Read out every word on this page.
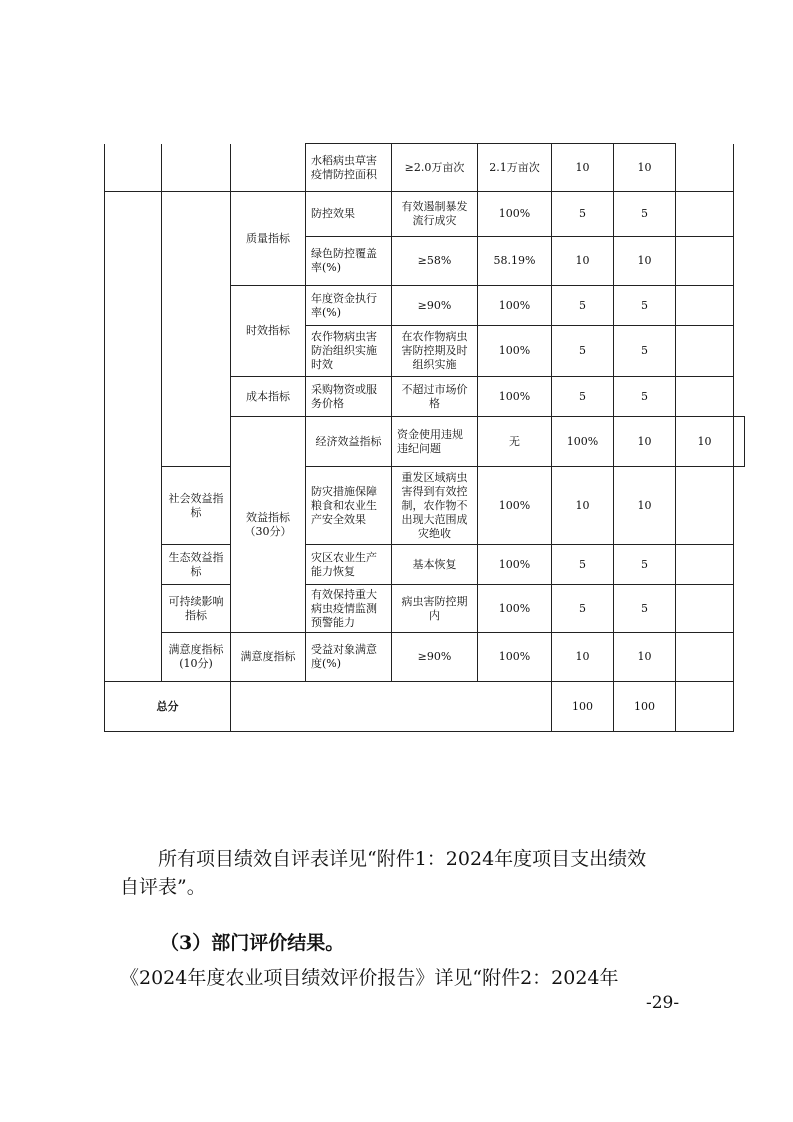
			水稻病虫草害疫情防控面积	≥2.0万亩次	2.1万亩次	10	10		
		质量指标	防控效果	有效遏制暴发流行成灾	100%	5	5		
			绿色防控覆盖率(%)	≥58%	58.19%	10	10		
		时效指标	年度资金执行率(%)	≥90%	100%	5	5		
			农作物病虫害防治组织实施时效	在农作物病虫害防控期及时组织实施	100%	5	5		
		成本指标	采购物资或服务价格	不超过市场价格	100%	5	5		
		效益指标（30分）	经济效益指标	资金使用违规违纪问题	无	100%	10	10	
	社会效益指标		防灾措施保障粮食和农业生产安全效果	重发区域病虫害得到有效控制，农作物不出现大范围成灾绝收	100%	10	10		
	生态效益指标		灾区农业生产能力恢复	基本恢复	100%	5	5		
	可持续影响指标		有效保持重大病虫疫情监测预警能力	病虫害防控期内	100%	5	5		
	满意度指标(10分)	满意度指标	受益对象满意度(%)	≥90%	100%	10	10		
总分						100	100		
所有项目绩效自评表详见“附件1：2024年度项目支出绩效
自评表”。

（3）部门评价结果。

《2024年度农业项目绩效评价报告》详见“附件2：2024年

-29-
